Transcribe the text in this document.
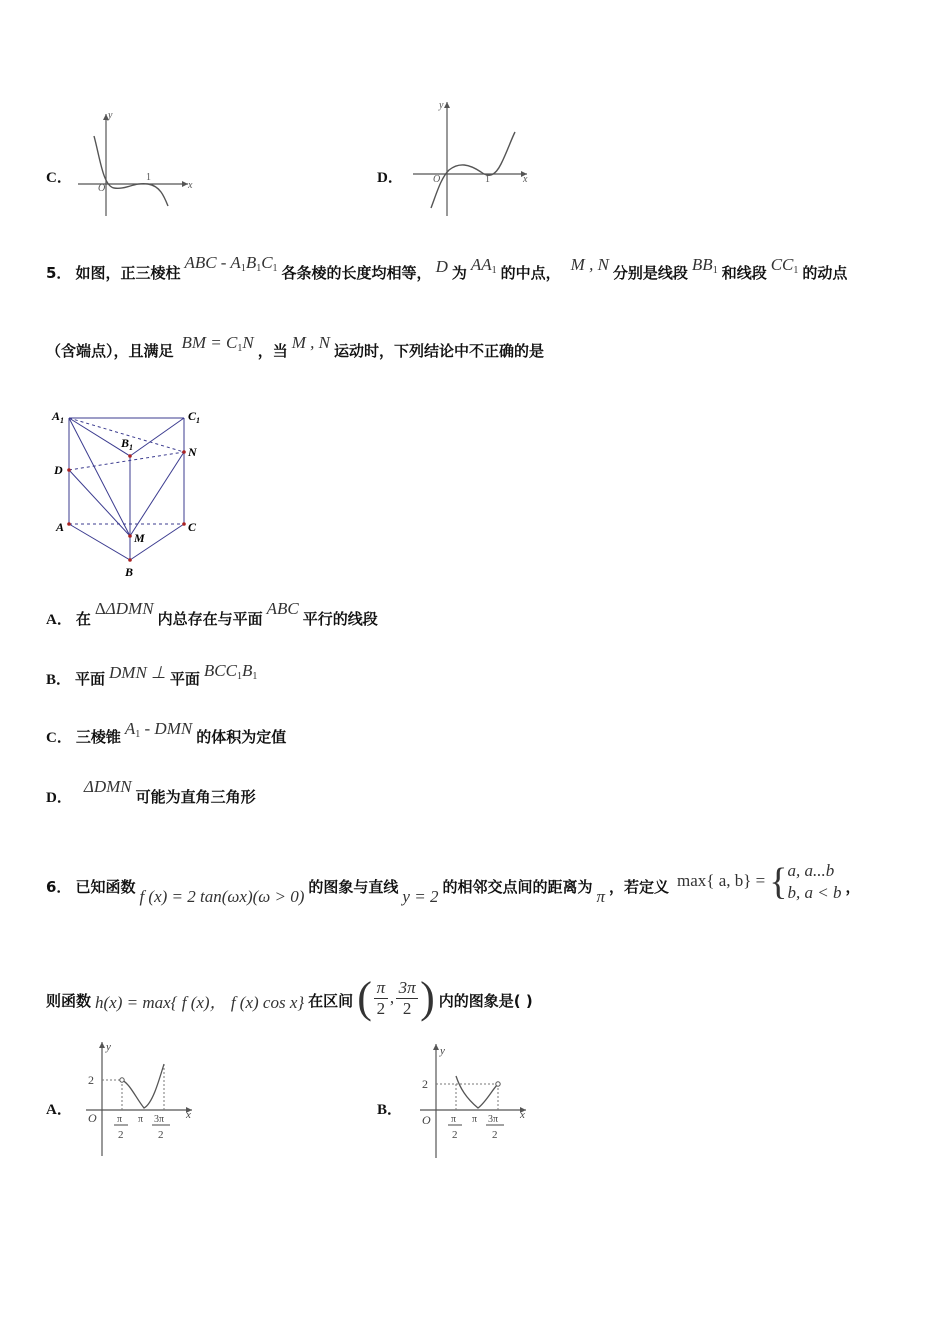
C．
y
x
O
1	D．
y
x
O	1
5． 如图，正三棱柱
ABC - $A_1B_1C_1$ 各条棱的长度均相等， D 为 $AA_1$ 的中点， M , N 分别是线段 $BB_1$ 和线段 $CC_1$ 的动点
（含端点），且满足 BM = $C_1N$ ，当 M , N 运动时，下列结论中不正确的是
$A_1$	$C_1$
$B_1$
D
N
A	C
M
B
A． 在
ΔΔDMN
内总存在与平面
ABC
平行的线段
B． 平面 DMN ⊥ 平面 $BCC_1B_1$
C． 三棱锥 $A_1$ - DMN 的体积为定值
D．
ΔDMN
可能为直角三角形
6． 已知函数 f (x) = 2 tan(ωx)(ω > 0) 的图象与直线 y = 2 的相邻交点间的距离为 π ，若定义 max{ a, b} = { a, a...b
b, a < b ，
则函数 h(x) = max{ f (x)， f (x) cos x} 在区间 ( π
2
,
3π
2 ) 内的图象是( )
A．
y
x
2
O π
2
π 3π
2
B．
y
x
2
O π
2
π 3π
2
